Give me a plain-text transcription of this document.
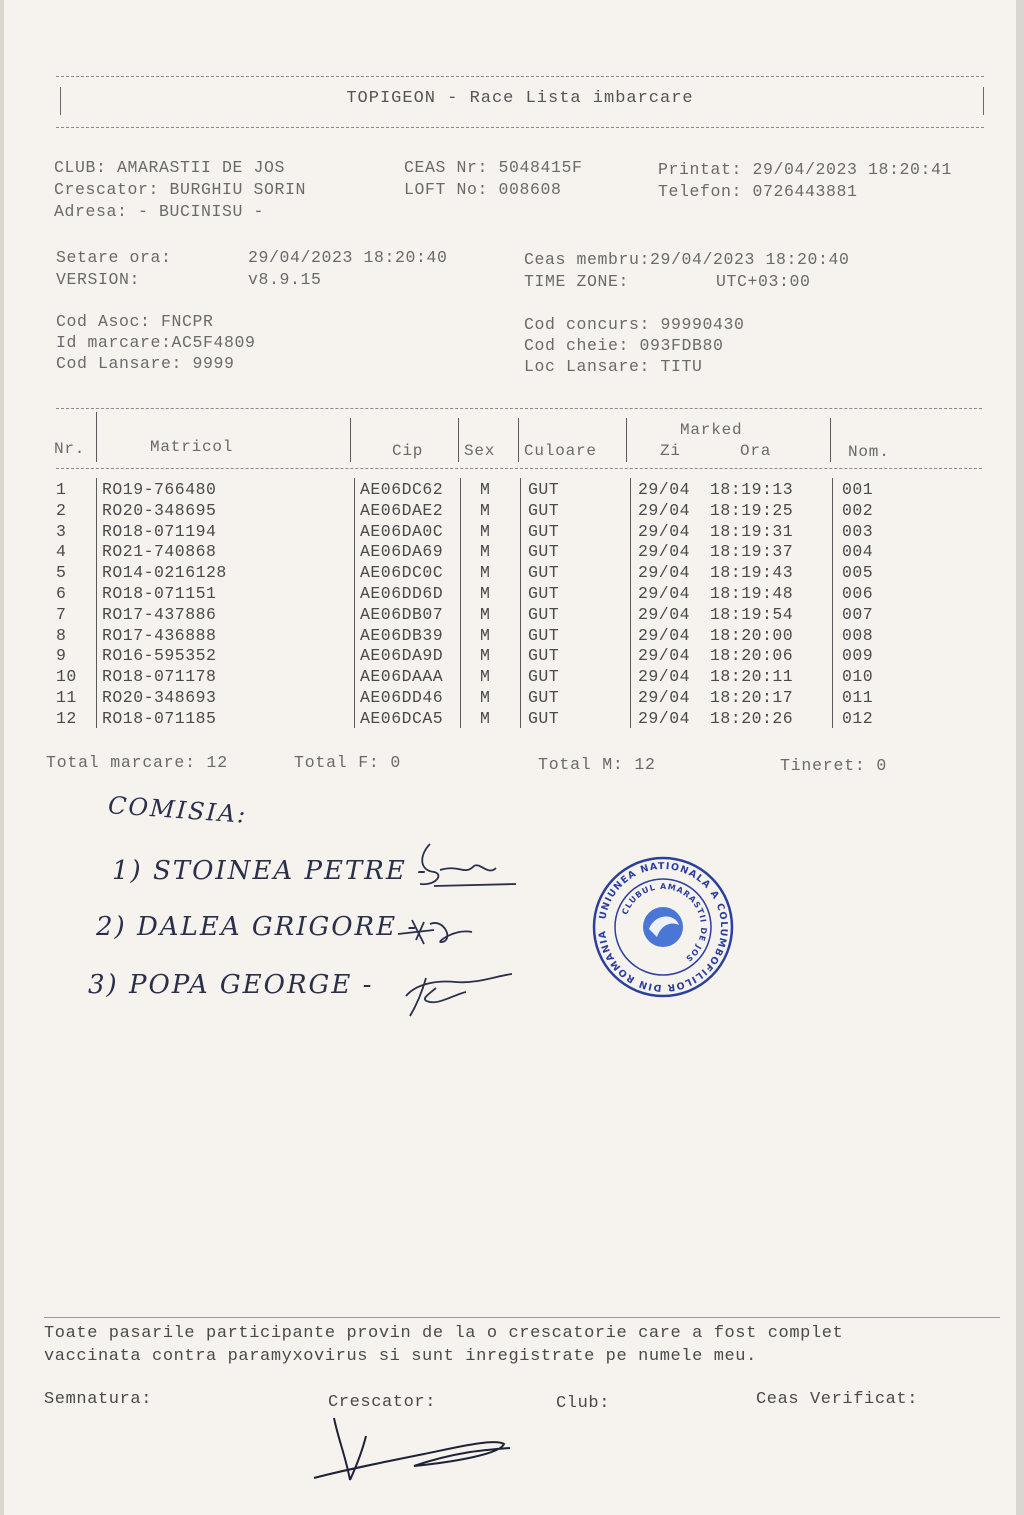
TOPIGEON - Race Lista imbarcare
CLUB: AMARASTII DE JOS
Crescator: BURGHIU SORIN
Adresa: - BUCINISU -
CEAS Nr: 5048415F
LOFT No: 008608
Printat: 29/04/2023 18:20:41
Telefon: 0726443881
Setare ora:	29/04/2023 18:20:40
VERSION:	v8.9.15
Ceas membru:29/04/2023 18:20:40
TIME ZONE:	UTC+03:00
Cod Asoc: FNCPR
Id marcare:AC5F4809
Cod Lansare: 9999
Cod concurs: 99990430
Cod cheie: 093FDB80
Loc Lansare: TITU
Nr.	Matricol	Cip	Sex Culoare
Marked
Zi	Ora	Nom.
1 RO19-766480	AE06DC62 M GUT	29/04 18:19:13	001
2 RO20-348695	AE06DAE2 M GUT	29/04 18:19:25	002
3 RO18-071194	AE06DA0C M GUT	29/04 18:19:31	003
4 RO21-740868	AE06DA69 M GUT	29/04 18:19:37	004
5 RO14-0216128	AE06DC0C M GUT	29/04 18:19:43	005
6 RO18-071151	AE06DD6D M GUT	29/04 18:19:48	006
7 RO17-437886	AE06DB07 M GUT	29/04 18:19:54	007
8 RO17-436888	AE06DB39 M GUT	29/04 18:20:00	008
9 RO16-595352	AE06DA9D M GUT	29/04 18:20:06	009
10 RO18-071178	AE06DAAA M GUT	29/04 18:20:11	010
11 RO20-348693	AE06DD46 M GUT	29/04 18:20:17	011
12 RO18-071185	AE06DCA5 M GUT	29/04 18:20:26	012
Total marcare: 12	Total F: 0	Total M: 12	Tineret: 0
COMISIA:
1) STOINEA PETRE -
2) DALEA GRIGORE -
3) POPA GEORGE -

UNIUNEA NATIONALA A COLUMBOFILILOR DIN ROMANIA
CLUBUL AMARASTII DE JOS

Toate pasarile participante provin de la o crescatorie care a fost complet
vaccinata contra paramyxovirus si sunt inregistrate pe numele meu.
Semnatura:	Crescator:	Club:	Ceas Verificat:
